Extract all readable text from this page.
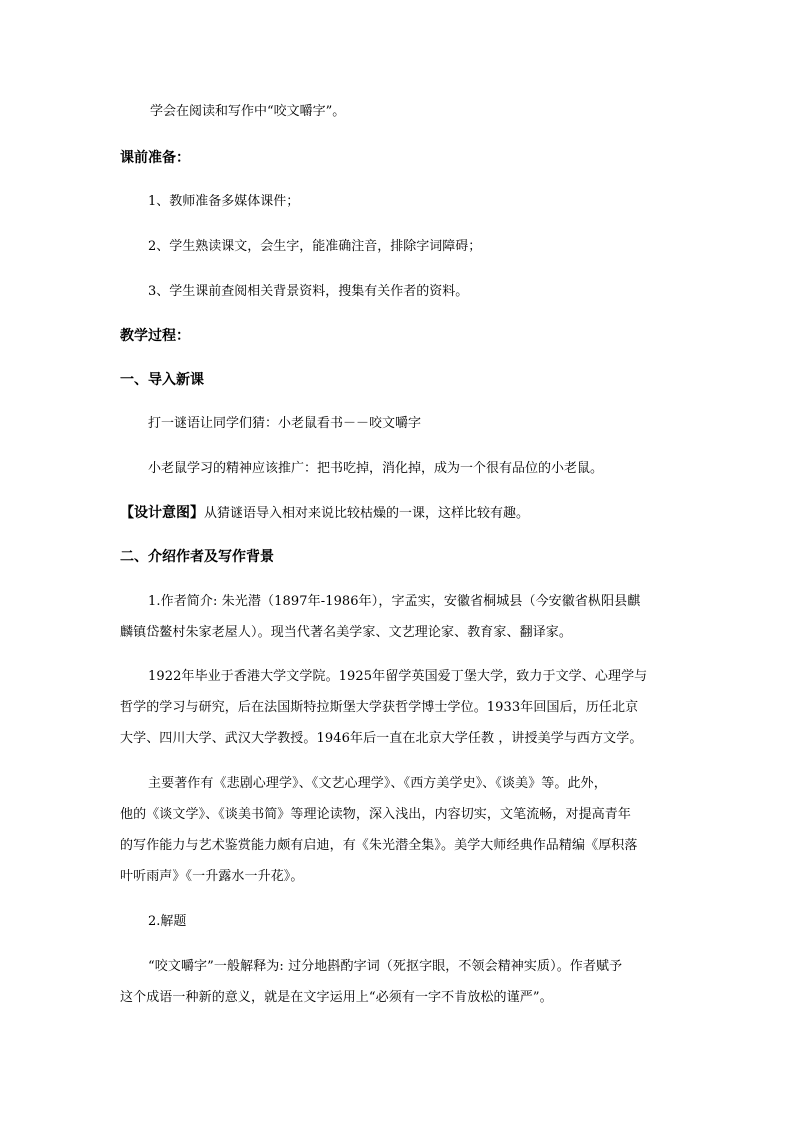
学会在阅读和写作中“咬文嚼字”。

课前准备：

1、教师准备多媒体课件；

2、学生熟读课文，会生字，能准确注音，排除字词障碍；

3、学生课前查阅相关背景资料，搜集有关作者的资料。

教学过程：

一、导入新课

打一谜语让同学们猜：小老鼠看书－－咬文嚼字

小老鼠学习的精神应该推广：把书吃掉，消化掉，成为一个很有品位的小老鼠。

【设计意图】从猜谜语导入相对来说比较枯燥的一课，这样比较有趣。

二、介绍作者及写作背景

1.作者简介: 朱光潜（1897年-1986年），字孟实，安徽省桐城县（今安徽省枞阳县麒

麟镇岱鳌村朱家老屋人）。现当代著名美学家、文艺理论家、教育家、翻译家。

1922年毕业于香港大学文学院。1925年留学英国爱丁堡大学，致力于文学、心理学与

哲学的学习与研究，后在法国斯特拉斯堡大学获哲学博士学位。1933年回国后，历任北京

大学、四川大学、武汉大学教授。1946年后一直在北京大学任教 ，讲授美学与西方文学。

主要著作有《悲剧心理学》、《文艺心理学》、《西方美学史》、《谈美》等。此外，

他的《谈文学》、《谈美书简》等理论读物，深入浅出，内容切实，文笔流畅，对提高青年

的写作能力与艺术鉴赏能力颇有启迪，有《朱光潜全集》。美学大师经典作品精编《厚积落

叶听雨声》《一升露水一升花》。

2.解题

“咬文嚼字”一般解释为: 过分地斟酌字词（死抠字眼，不领会精神实质）。作者赋予

这个成语一种新的意义，就是在文字运用上“必须有一字不肯放松的谨严”。
